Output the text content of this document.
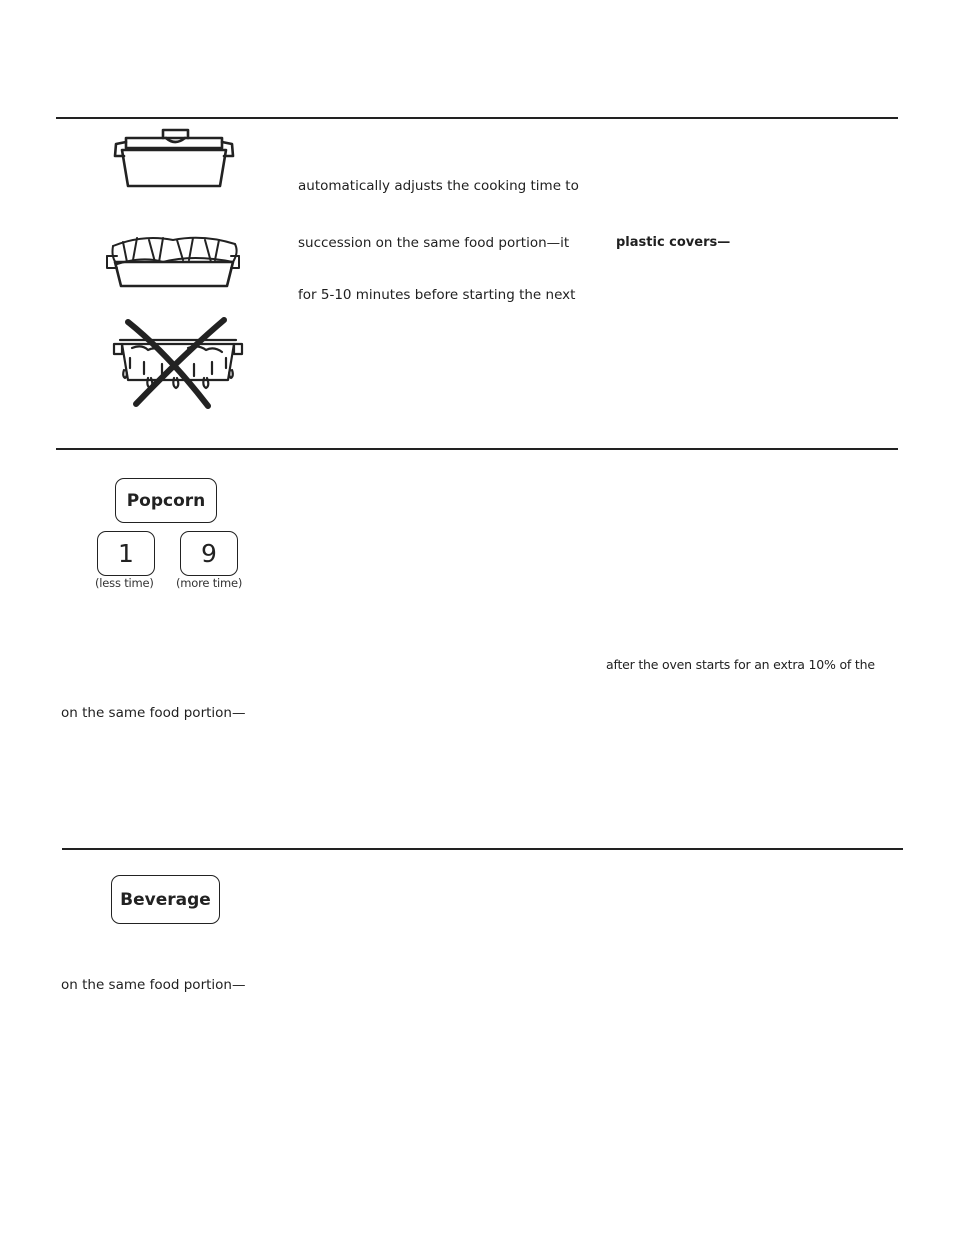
automatically adjusts the cooking time to
succession on the same food portion—it	plastic covers—
for 5-10 minutes before starting the next
Popcorn
1	9
(less time) (more time)
after the oven starts for an extra 10% of the
on the same food portion—
Beverage
on the same food portion—
